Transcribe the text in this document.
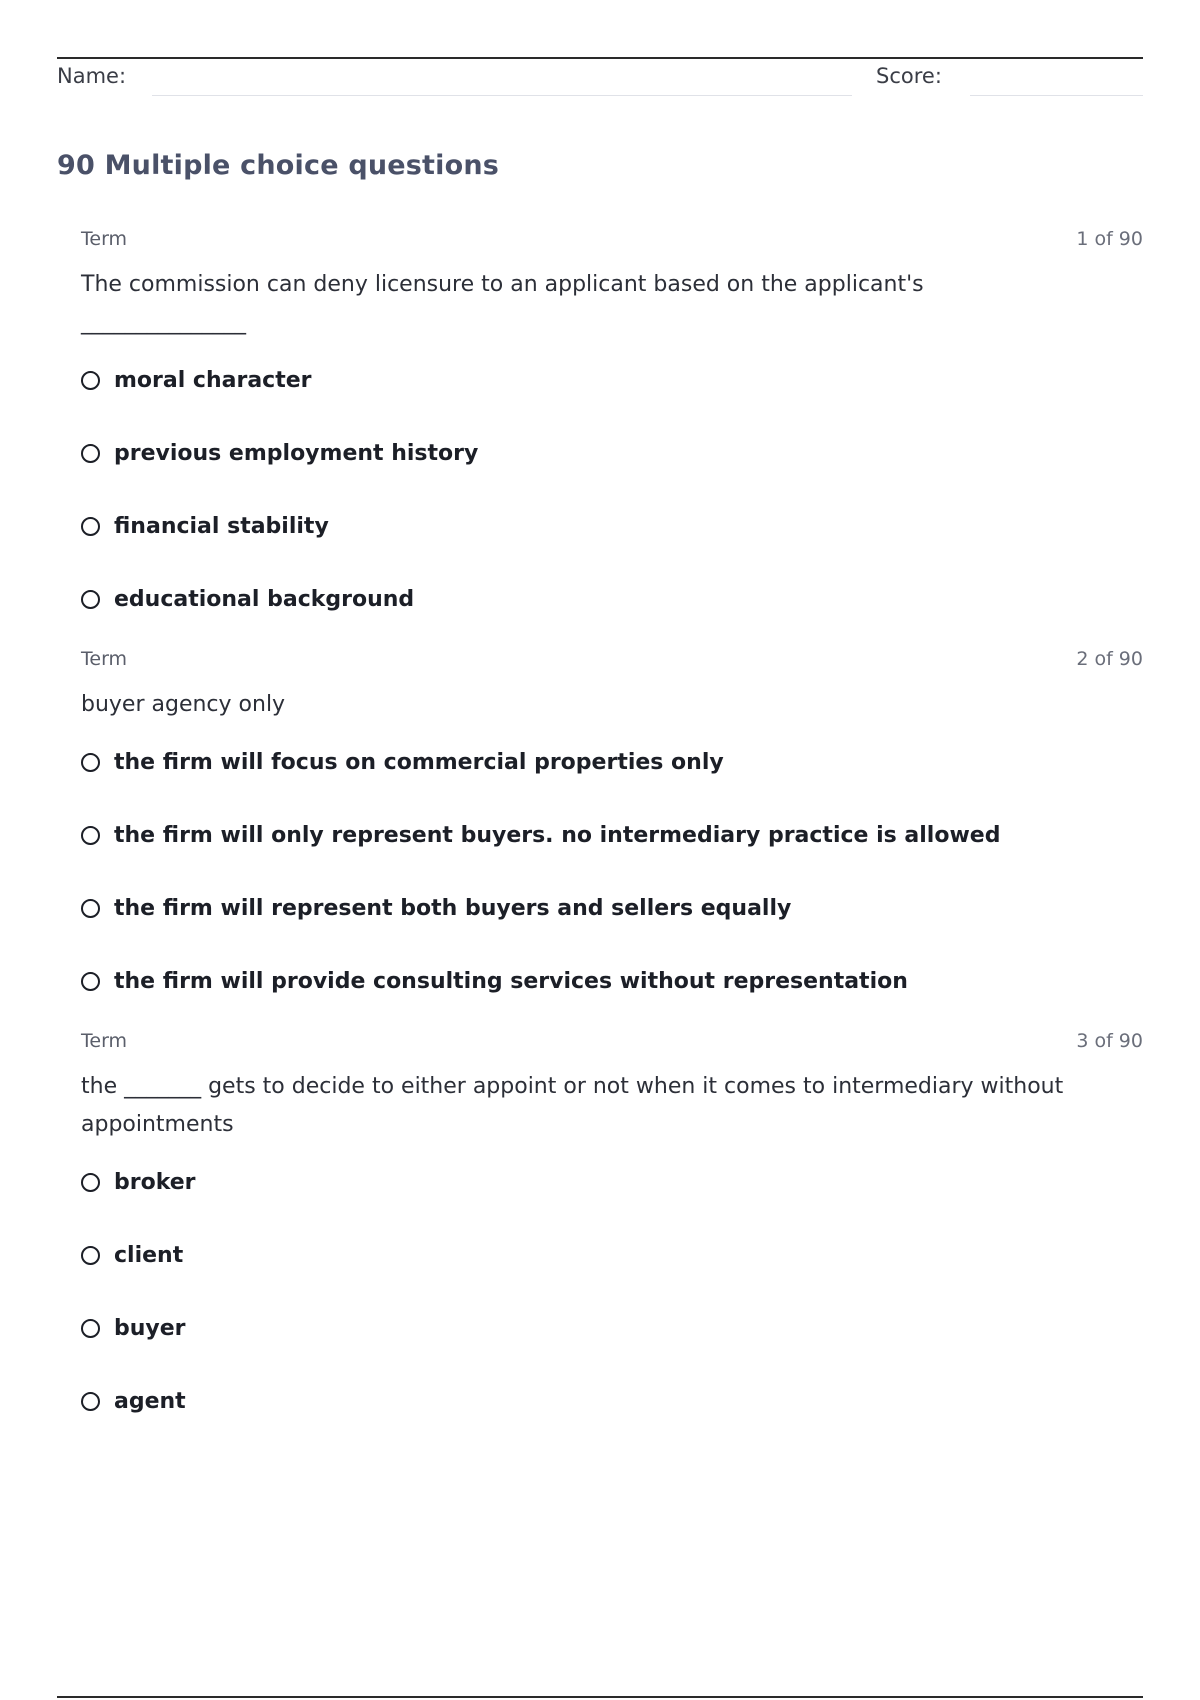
Name:	Score:
90 Multiple choice questions
Term	1 of 90
The commission can deny licensure to an applicant based on the applicant's _______________
moral character
previous employment history
financial stability
educational background
Term	2 of 90
buyer agency only
the firm will focus on commercial properties only
the firm will only represent buyers. no intermediary practice is allowed
the firm will represent both buyers and sellers equally
the firm will provide consulting services without representation
Term	3 of 90
the _______ gets to decide to either appoint or not when it comes to intermediary without appointments
broker
client
buyer
agent
